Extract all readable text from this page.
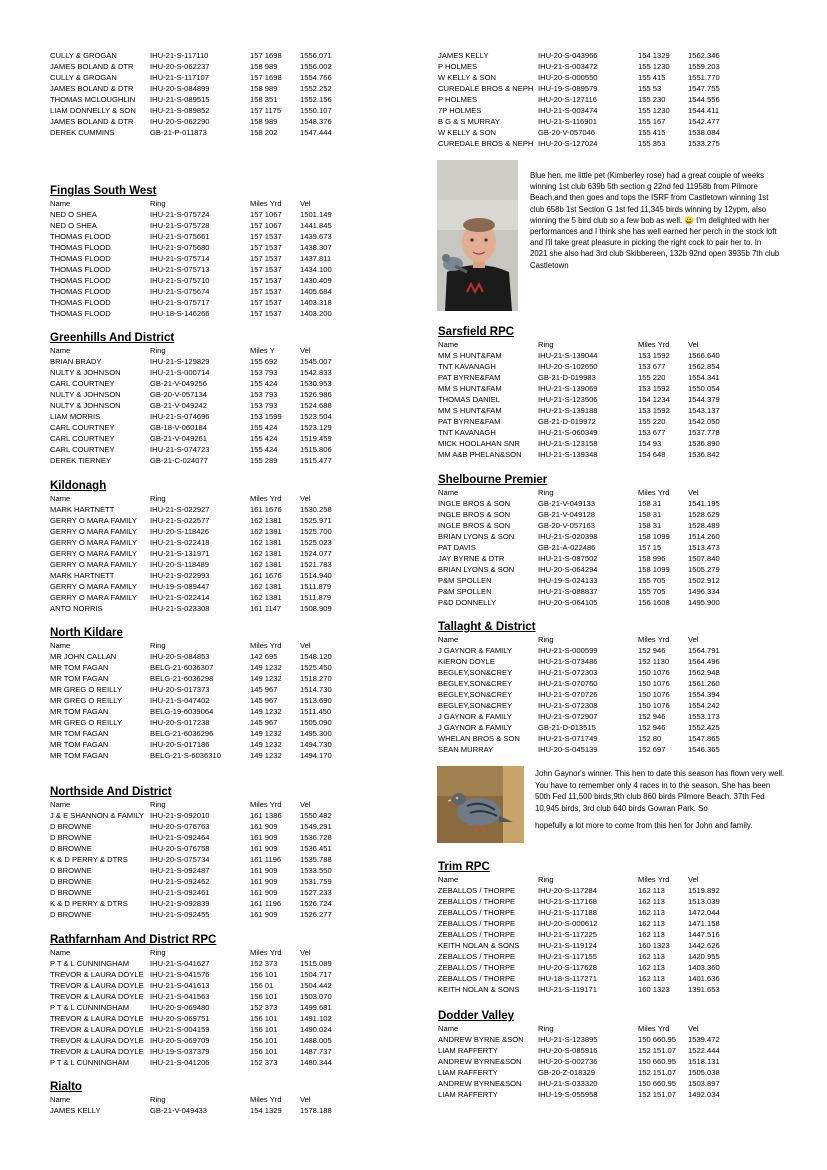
CULLY & GROGAN	IHU-21-S-117110	157 1698 1556.071
JAMES BOLAND & DTR IHU-20-S-062237	158 989	1556.002
CULLY & GROGAN	IHU-21-S-117107	157 1698 1554.766
JAMES BOLAND & DTR IHU-20-S-084899	158 989	1552.252
THOMAS MCLOUGHLIN IHU-21-S-089515	158 351	1552.156
LIAM DONNELLY & SON IHU-21-S-089852	157 1175 1550.107
JAMES BOLAND & DTR IHU-20-S-062290	158 989	1548.376
DEREK CUMMINS	GB-21-P-011873	158 202	1547.444
Finglas South West
Name	Ring	Miles Yrd Vel
NED O SHEA	IHU-21-S-075724	157 1067 1501.149
NED O SHEA	IHU-21-S-075728	157 1067 1441.845
THOMAS FLOOD	IHU-21-S-075661	157 1537 1439.673
THOMAS FLOOD	IHU-21-S-075680	157 1537 1438.307
THOMAS FLOOD	IHU-21-S-075714	157 1537 1437.811
THOMAS FLOOD	IHU-21-S-075713	157 1537 1434.100
THOMAS FLOOD	IHU-21-S-075710	157 1537 1430.409
THOMAS FLOOD	IHU-21-S-075674	157 1537 1405.684
THOMAS FLOOD	IHU-21-S-075717	157 1537 1403.318
THOMAS FLOOD	IHU-18-S-146266	157 1537 1403.200
Greenhills And District
Name	Ring	Miles Y	Vel
BRIAN BRADY	IHU-21-S-129829	155 692	1545.007
NULTY & JOHNSON	IHU-21-S-000714	153 793	1542.833
CARL COURTNEY	GB-21-V-049256	155 424	1530.953
NULTY & JOHNSON	GB-20-V-057134	153 793	1526.986
NULTY & JOHNSON	GB-21-V-049242	153 793	1524.688
LIAM MORRIS	IHU-21-S-074696	153 1599 1523.504
CARL COURTNEY	GB-18-V-060184	155 424	1523.129
CARL COURTNEY	GB-21-V-049261	155 424	1519.459
CARL COURTNEY	IHU-21-S-074723	155 424	1515.806
DEREK TIERNEY	GB-21-C-024077	155 289	1515.477
Kildonagh
Name	Ring	Miles Yrd Vel
MARK HARTNETT	IHU-21-S-022927	161 1676 1530.258
GERRY O MARA FAMILY IHU-21-S-022577	162 1381 1525.971
GERRY O MARA FAMILY IHU-20-S-118426	162 1381 1525.700
GERRY O MARA FAMILY IHU-21-S-022418	162 1381 1525.023
GERRY O MARA FAMILY IHU-21-S-131971	162 1381 1524.077
GERRY O MARA FAMILY IHU-20-S-118489	162 1381 1521.783
MARK HARTNETT	IHU-21-S-022993	161 1676 1514.940
GERRY O MARA FAMILY IHU-19-S-089447	162 1381 1511.879
GERRY O MARA FAMILY IHU-21-S-022414	162 1381 1511.879
ANTO NORRIS	IHU-21-S-023308	161 1147 1508.909
North Kildare
Name	Ring	Miles Yrd Vel
MR JOHN CALLAN	IHU-20-S-084853	142 695	1548.120
MR TOM FAGAN	BELG-21-6036307	149 1232 1525.450
MR TOM FAGAN	BELG-21-6036298	149 1232 1518.270
MR GREG O REILLY	IHU-20-S-017373	145 967	1514.730
MR GREG O REILLY	IHU-21-S-047402	145 967	1513.690
MR TOM FAGAN	BELG-19-6039064	149 1232 1511.450
MR GREG O REILLY	IHU-20-S-017238	145 967	1505.090
MR TOM FAGAN	BELG-21-6036296	149 1232 1495.300
MR TOM FAGAN	IHU-20-S-017186	149 1232 1494.730
MR TOM FAGAN	BELG-21-S-6036310	149 1232 1494.170
Northside And District
Name	Ring	Miles Yrd Vel
J & E SHANNON & FAMILY IHU-21-S-092010	161 1386 1550.482
D BROWNE	IHU-20-S-076763	161 909	1549.291
D BROWNE	IHU-21-S-092464	161 909	1536.728
D BROWNE	IHU-20-S-076758	161 909	1536.451
K & D PERRY & DTRS	IHU-20-S-075734	161 1196 1535.788
D BROWNE	IHU-21-S-092487	161 909	1533.550
D BROWNE	IHU-21-S-092462	161 909	1531.759
D BROWNE	IHU-21-S-092461	161 909	1527.233
K & D PERRY & DTRS	IHU-21-S-092839	161 1196 1526.724
D BROWNE	IHU-21-S-092455	161 909	1526.277
Rathfarnham And District RPC
Name	Ring	Miles Yrd Vel
P T & L CUNNINGHAM	IHU-21-S-041627	152 373	1515.089
TREVOR & LAURA DOYLE IHU-21-S-041576	156 101	1504.717
TREVOR & LAURA DOYLE IHU-21-S-041613	156 01	1504.442
TREVOR & LAURA DOYLE IHU-21-S-041563	156 101	1503.070
P T & L CUNNINGHAM	IHU-20-S-069480	152 373	1499.681
TREVOR & LAURA DOYLE IHU-20-S-069751	156 101	1491.102
TREVOR & LAURA DOYLE IHU-21-S-004159	156 101	1490.024
TREVOR & LAURA DOYLE IHU-20-S-069709	156 101	1488.005
TREVOR & LAURA DOYLE IHU-19-S-037379	156 101	1487.737
P T & L CUNNINGHAM	IHU-21-S-041206	152 373	1480.344
Rialto
Name	Ring	Miles Yrd Vel
JAMES KELLY	GB-21-V-049433	154 1329 1578.188
JAMES KELLY	IHU-20-S-043966	154 1329 1562.346
P HOLMES	IHU-21-S-003472	155 1230 1559.203
W KELLY & SON	IHU-20-S-000550	155 415	1551.770
CUREDALE BROS & NEPH IHU-19-S-089579	155 53	1547.755
P HOLMES	IHU-20-S-127116	155 230	1544.556
7P HOLMES	IHU-21-S-003474	155 1230 1544.411
B G & S MURRAY	IHU-21-S-116901	155 167	1542.477
W KELLY & SON	GB-20-V-057046	155 415	1538.084
CUREDALE BROS & NEPH IHU-20-S-127024	155 353	1533.275
Sarsfield RPC
Name	Ring	Miles Yrd Vel
MM S HUNT&FAM	IHU-21-S-139044	153 1592 1566.640
TNT KAVANAGH	IHU-20-S-102650	153 677	1562.854
PAT BYRNE&FAM	GB-21-D-019983	155 220	1554.341
MM S HUNT&FAM	IHU-21-S-139069	153 1592 1550.054
THOMAS DANIEL	IHU-21-S-123506	154 1234 1544.379
MM S HUNT&FAM	IHU-21-S-139188	153 1592 1543.137
PAT BYRNE&FAM	GB-21-D-019972	155 220	1542.050
TNT KAVANAGH	IHU-21-S-060349	153 677	1537.778
MICK HOOLAHAN SNR IHU-21-S-123158	154 93	1536.890
MM A&B PHELAN&SON IHU-21-S-139348	154 648	1536.842
Shelbourne Premier
Name	Ring	Miles Yrd Vel
INGLE BROS & SON	GB-21-V-049133	158 31	1541.195
INGLE BROS & SON	GB-21-V-049128	158 31	1528.629
INGLE BROS & SON	GB-20-V-057163	158 31	1528.489
BRIAN LYONS & SON	IHU-21-S-020398	158 1099 1514.260
PAT DAVIS	GB-21-A-022486	157 15	1513.473
JAY BYRNE & DTR	IHU-21-S-087502	158 996	1507.840
BRIAN LYONS & SON	IHU-20-S-064294	158 1099 1505.279
P&M SPOLLEN	IHU-19-S-024133	155 705	1502.912
P&M SPOLLEN	IHU-21-S-088837	155 705	1496.334
P&D DONNELLY	IHU-20-S-064105	156 1608 1495.900
Tallaght & District
Name	Ring	Miles Yrd Vel
J GAYNOR & FAMILY	IHU-21-S-000599	152 946	1564.791
KIERON DOYLE	IHU-21-S-073486	152 1130 1564.496
BEGLEY,SON&CREY	IHU-21-S-072303	150 1076 1562.948
BEGLEY,SON&CREY	IHU-21-S-070760	150 1076 1561.260
BEGLEY,SON&CREY	IHU-21-S-070726	150 1076 1554.394
BEGLEY,SON&CREY	IHU-21-S-072308	150 1076 1554.242
J GAYNOR & FAMILY	IHU-21-S-072907	152 946	1553.173
J GAYNOR & FAMILY	GB-21-D-013515	152 946	1552.425
WHELAN BROS & SON IHU-21-S-071749	152 80	1547.865
SEAN MURRAY	IHU-20-S-045139	152 697	1546.365
Trim RPC
Name	Ring	Miles Yrd Vel
ZEBALLOS / THORPE	IHU-20-S-117284	162 113	1519.892
ZEBALLOS / THORPE	IHU-21-S-117168	162 113	1513.039
ZEBALLOS / THORPE	IHU-21-S-117188	162 113	1472.044
ZEBALLOS / THORPE	IHU-20-S-000612	162 113	1471.158
ZEBALLOS / THORPE	IHU-21-S-117225	162 113	1447.516
KEITH NOLAN & SONS IHU-21-S-119124	160 1323 1442.626
ZEBALLOS / THORPE	IHU-21-S-117155	162 113	1420.955
ZEBALLOS / THORPE	IHU-20-S-117628	162 113	1403.360
ZEBALLOS / THORPE	IHU-18-S-117271	162 113	1401.636
KEITH NOLAN & SONS IHU-21-S-119171	160 1323 1391.653
Dodder Valley
Name	Ring	Miles Yrd Vel
ANDREW BYRNE &SON IHU-21-S-123895	150 660.95 1539.472
LIAM RAFFERTY	IHU-20-S-085916	152 151.07 1522.444
ANDREW BYRNE&SON IHU-20-S-002736	150 660.95 1518.131
LIAM RAFFERTY	GB-20-Z-018329	152 151.07 1505.038
ANDREW BYRNE&SON IHU-21-S-033320	150 660.95 1503.897
LIAM RAFFERTY	IHU-19-S-055958	152 151.07 1492.034
Blue hen, me little pet (Kimberley rose) had a great couple of weeks winning 1st club 639b 5th section g 22nd fed 11958b from Pilmore Beach,and then goes and tops the ISRF from Castletown winning 1st club 658b 1st Section G 1st fed 11,345 birds winning by 12ypm, also winning the 5 bird club so a few bob as well. 😀 I'm delighted with her performances and I think she has well earned her perch in the stock loft and I'll take great pleasure in picking the right cock to pair her to. In 2021 she also had 3rd club Skibbereen, 132b 92nd open 3935b 7th club Castletown

John Gaynor's winner. This hen to date this season has flown very well. You have to remember only 4 races in to the season. She has been 50th Fed 11,500 birds,9th club 860 birds Pilmore Beach. 37th Fed 10,945 birds, 3rd club 640 birds Gowran Park. So

hopefully a lot more to come from this hen for John and family.
